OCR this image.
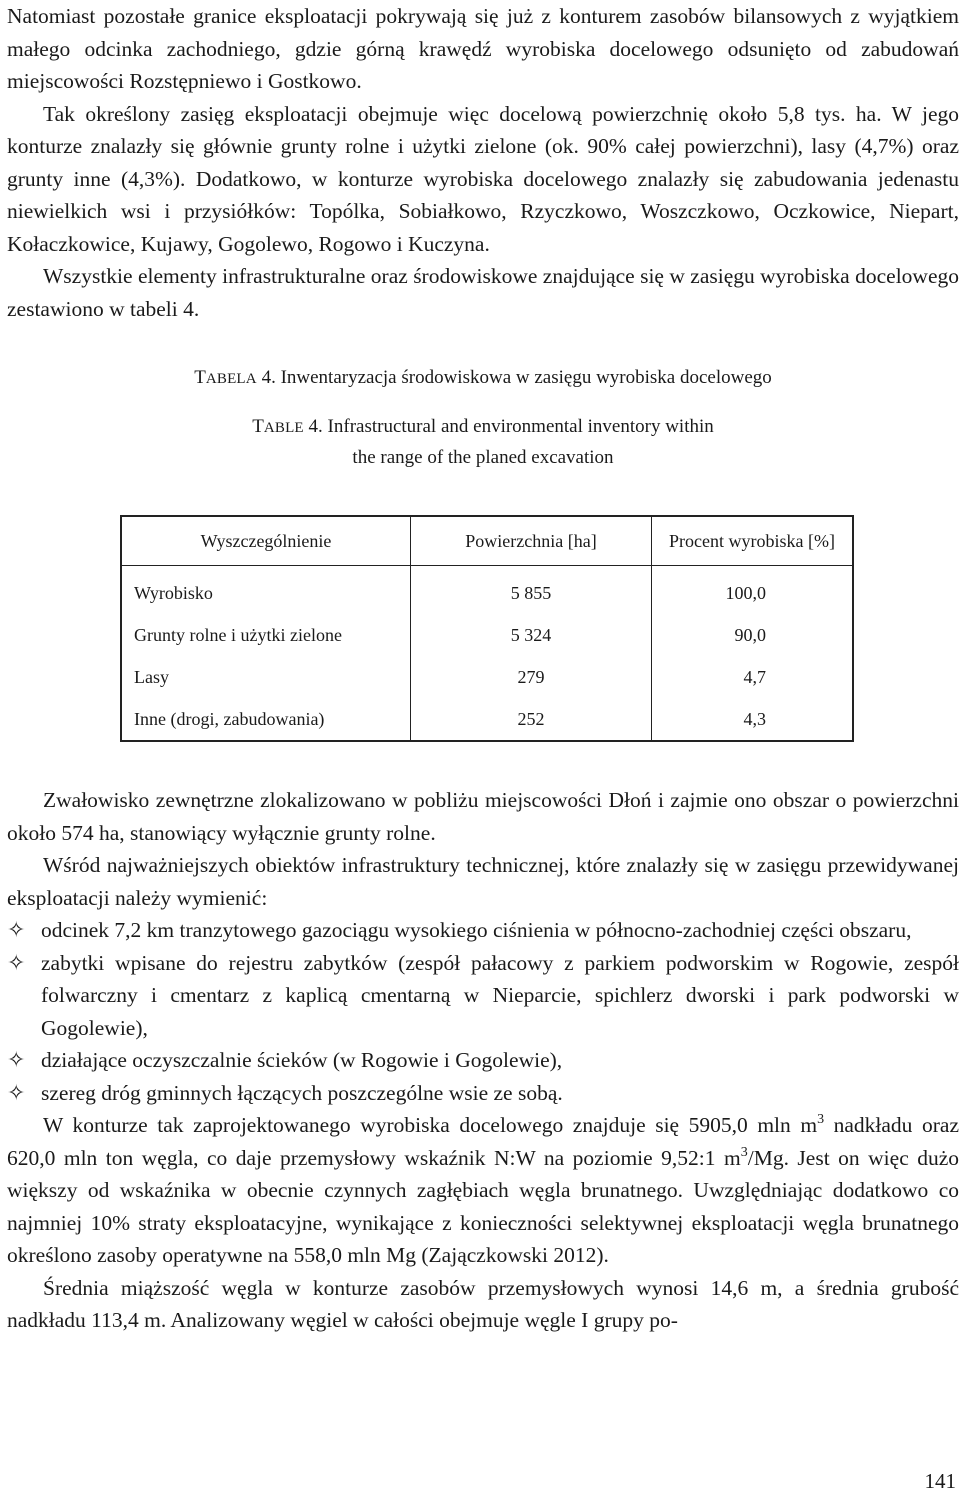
Natomiast pozostałe granice eksploatacji pokrywają się już z konturem zasobów bilansowych z wyjątkiem małego odcinka zachodniego, gdzie górną krawędź wyrobiska docelowego odsunięto od zabudowań miejscowości Rozstępniewo i Gostkowo.

Tak określony zasięg eksploatacji obejmuje więc docelową powierzchnię około 5,8 tys. ha. W jego konturze znalazły się głównie grunty rolne i użytki zielone (ok. 90% całej powierzchni), lasy (4,7%) oraz grunty inne (4,3%). Dodatkowo, w konturze wyrobiska docelowego znalazły się zabudowania jedenastu niewielkich wsi i przysiółków: Topólka, Sobiałkowo, Rzyczkowo, Woszczkowo, Oczkowice, Niepart, Kołaczkowice, Kujawy, Gogolewo, Rogowo i Kuczyna.

Wszystkie elementy infrastrukturalne oraz środowiskowe znajdujące się w zasięgu wyrobiska docelowego zestawiono w tabeli 4.

TABELA 4. Inwentaryzacja środowiskowa w zasięgu wyrobiska docelowego
TABLE 4. Infrastructural and environmental inventory within
the range of the planed excavation
Wyszczególnienie	Powierzchnia [ha]	Procent wyrobiska [%]
Wyrobisko	5 855	100,0
Grunty rolne i użytki zielone	5 324	90,0
Lasy	279	4,7
Inne (drogi, zabudowania)	252	4,3

Zwałowisko zewnętrzne zlokalizowano w pobliżu miejscowości Dłoń i zajmie ono obszar o powierzchni około 574 ha, stanowiący wyłącznie grunty rolne.

Wśród najważniejszych obiektów infrastruktury technicznej, które znalazły się w zasięgu przewidywanej eksploatacji należy wymienić:

✧ odcinek 7,2 km tranzytowego gazociągu wysokiego ciśnienia w północno-zachodniej części obszaru,

✧ zabytki wpisane do rejestru zabytków (zespół pałacowy z parkiem podworskim w Rogowie, zespół folwarczny i cmentarz z kaplicą cmentarną w Nieparcie, spichlerz dworski i park podworski w Gogolewie),

✧ działające oczyszczalnie ścieków (w Rogowie i Gogolewie),

✧ szereg dróg gminnych łączących poszczególne wsie ze sobą.

W konturze tak zaprojektowanego wyrobiska docelowego znajduje się 5905,0 mln $m^3$ nadkładu oraz 620,0 mln ton węgla, co daje przemysłowy wskaźnik N:W na poziomie 9,52:1 $m^3/Mg$. Jest on więc dużo większy od wskaźnika w obecnie czynnych zagłębiach węgla brunatnego. Uwzględniając dodatkowo co najmniej 10% straty eksploatacyjne, wynikające z konieczności selektywnej eksploatacji węgla brunatnego określono zasoby operatywne na 558,0 mln Mg (Zajączkowski 2012).

Średnia miąższość węgla w konturze zasobów przemysłowych wynosi 14,6 m, a średnia grubość nadkładu 113,4 m. Analizowany węgiel w całości obejmuje węgle I grupy po-

141
